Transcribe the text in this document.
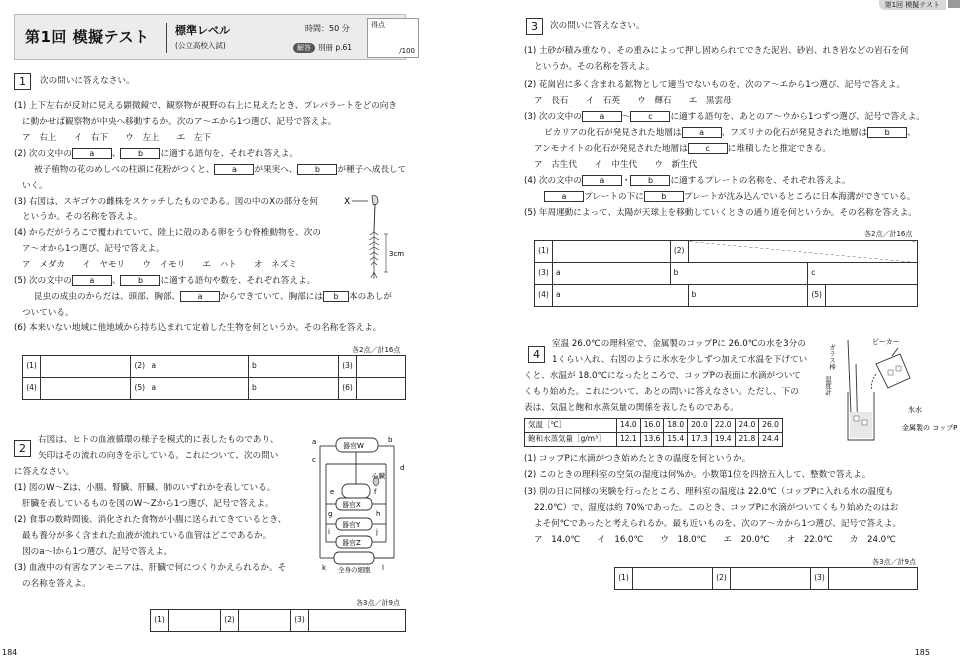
第1回 模擬テスト 標準レベル
(公立高校入試)
時間：50 分
解答 別冊 p.61
得点
/100
1	次の問いに答えなさい。
(1) 上下左右が反対に見える顕微鏡で、観察物が視野の右上に見えたとき、プレパラートをどの向き
に動かせば観察物が中央へ移動するか。次のア～エから1つ選び、記号で答えよ。
ア　右上　　イ　右下　　ウ　左上　　エ　左下
(2) 次の文中の a 、 b に適する語句を、それぞれ答えよ。
被子植物の花のめしべの柱頭に花粉がつくと、 a が果実へ、 b が種子へ成長して
いく。
(3) 右図は、スギゴケの雌株をスケッチしたものである。図の中のXの部分を何
というか。その名称を答えよ。
(4) からだがうろこで覆われていて、陸上に殻のある卵をうむ脊椎動物を、次の
ア～オから1つ選び、記号で答えよ。
ア　メダカ　　イ　ヤモリ　　ウ　イモリ　　エ　ハト　　オ　ネズミ
(5) 次の文中の a 、 b に適する語句や数を、それぞれ答えよ。
昆虫の成虫のからだは、頭部、胸部、 a からできていて、胸部には b 本のあしが
ついている。
(6) 本来いない地域に他地域から持ち込まれて定着した生物を何というか。その名称を答えよ。
X
3cm
各2点／計16点
(1)		(2)	a	b	(3)	
(4)		(5)	a	b	(6)	
2
右図は、ヒトの血液循環の様子を模式的に表したものであり、
矢印はその流れの向きを示している。これについて、次の問い
に答えなさい。
(1) 図のW～Zは、小腸、腎臓、肝臓、肺のいずれかを表している。
肝臓を表しているものを図のW～Zから1つ選び、記号で答えよ。
(2) 食事の数時間後、消化された食物が小腸に送られてきているとき、
最も養分が多く含まれた血液が流れている血管はどこであるか。
図のa～lから1つ選び、記号で答えよ。
(3) 血液中の有害なアンモニアは、肝臓で何につくりかえられるか。そ
の名称を答えよ。
器官W
心臓
器官X
器官Y
器官Z
全身の細胞
a	b
c
d
e	f
g	h
i	j
k	l
各3点／計9点
(1)		(2)		(3)	
184
第1回 模擬テスト
3	次の問いに答えなさい。
(1) 土砂が積み重なり、その重みによって押し固められてできた泥岩、砂岩、れき岩などの岩石を何
というか。その名称を答えよ。
(2) 花崗岩に多く含まれる鉱物として適当でないものを、次のア～エから1つ選び、記号で答えよ。
ア　長石　　イ　石英　　ウ　輝石　　エ　黒雲母
(3) 次の文中の a ～ c に適する語句を、あとのア～ウから1つずつ選び、記号で答えよ。
ビカリアの化石が発見された地層は a 、フズリナの化石が発見された地層は b 、
アンモナイトの化石が発見された地層は c に堆積したと推定できる。
ア　古生代　　イ　中生代　　ウ　新生代
(4) 次の文中の a ・ b に適するプレートの名称を、それぞれ答えよ。
a プレートの下に b プレートが沈み込んでいるところに日本海溝ができている。
(5) 年周運動によって、太陽が天球上を移動していくときの通り道を何というか。その名称を答えよ。
各2点／計16点
(1)		(2)			
(3)	a	b		c	
(4)	a		b	(5)	
4
室温 26.0℃の理科室で、金属製のコップPに 26.0℃の水を3分の
1くらい入れ、右図のように氷水を少しずつ加えて水温を下げてい
くと、水温が 18.0℃になったところで、コップPの表面に水滴がついて
くもり始めた。これについて、あとの問いに答えなさい。ただし、下の
表は、気温と飽和水蒸気量の関係を表したものである。
気温［℃］	14.0	16.0	18.0	20.0	22.0	24.0	26.0
飽和水蒸気量［g/m³］	12.1	13.6	15.4	17.3	19.4	21.8	24.4
(1) コップPに水滴がつき始めたときの温度を何というか。
(2) このときの理科室の空気の湿度は何%か。小数第1位を四捨五入して、整数で答えよ。
(3) 別の日に同様の実験を行ったところ、理科室の温度は 22.0℃（コップPに入れる水の温度も
22.0℃）で、湿度は約 70%であった。このとき、コップPに水滴がついてくもり始めたのはお
よそ何℃であったと考えられるか。最も近いものを、次のア～カから1つ選び、記号で答えよ。
ア　14.0℃　　イ　16.0℃　　ウ　18.0℃　　エ　20.0℃　　オ　22.0℃　　カ　24.0℃
ビーカー
ガラス棒
温度計
氷水
金属製の コップP
各3点／計9点
(1)		(2)		(3)	
185
